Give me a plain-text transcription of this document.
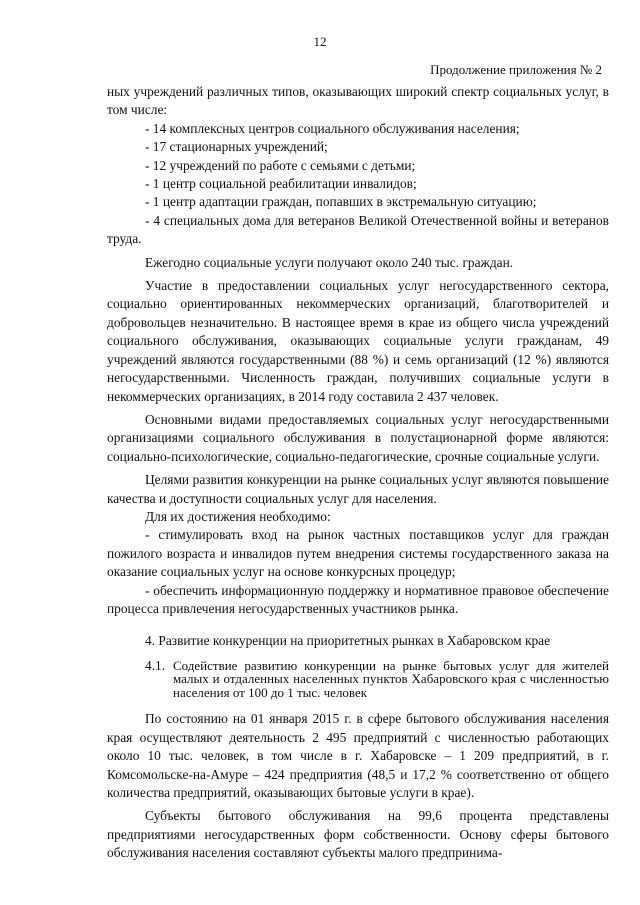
12
Продолжение приложения № 2

ных учреждений различных типов, оказывающих широкий спектр социальных услуг, в том числе:

- 14 комплексных центров социального обслуживания населения;

- 17 стационарных учреждений;

- 12 учреждений по работе с семьями с детьми;

- 1 центр социальной реабилитации инвалидов;

- 1 центр адаптации граждан, попавших в экстремальную ситуацию;

- 4 специальных дома для ветеранов Великой Отечественной войны и ветеранов труда.

Ежегодно социальные услуги получают около 240 тыс. граждан.

Участие в предоставлении социальных услуг негосударственного сектора, социально ориентированных некоммерческих организаций, благотворителей и добровольцев незначительно. В настоящее время в крае из общего числа учреждений социального обслуживания, оказывающих социальные услуги гражданам, 49 учреждений являются государственными (88 %) и семь организаций (12 %) являются негосударственными. Численность граждан, получивших социальные услуги в некоммерческих организациях, в 2014 году составила 2 437 человек.

Основными видами предоставляемых социальных услуг негосударственными организациями социального обслуживания в полустационарной форме являются: социально-психологические, социально-педагогические, срочные социальные услуги.

Целями развития конкуренции на рынке социальных услуг являются повышение качества и доступности социальных услуг для населения.

Для их достижения необходимо:

- стимулировать вход на рынок частных поставщиков услуг для граждан пожилого возраста и инвалидов путем внедрения системы государственного заказа на оказание социальных услуг на основе конкурсных процедур;

- обеспечить информационную поддержку и нормативное правовое обеспечение процесса привлечения негосударственных участников рынка.

4. Развитие конкуренции на приоритетных рынках в Хабаровском крае

4.1. Содействие развитию конкуренции на рынке бытовых услуг для жителей малых и отдаленных населенных пунктов Хабаровского края с численностью населения от 100 до 1 тыс. человек

По состоянию на 01 января 2015 г. в сфере бытового обслуживания населения края осуществляют деятельность 2 495 предприятий с численностью работающих около 10 тыс. человек, в том числе в г. Хабаровске – 1 209 предприятий, в г. Комсомольске-на-Амуре – 424 предприятия (48,5 и 17,2 % соответственно от общего количества предприятий, оказывающих бытовые услуги в крае).

Субъекты бытового обслуживания на 99,6 процента представлены предприятиями негосударственных форм собственности. Основу сферы бытового обслуживания населения составляют субъекты малого предпринима-
